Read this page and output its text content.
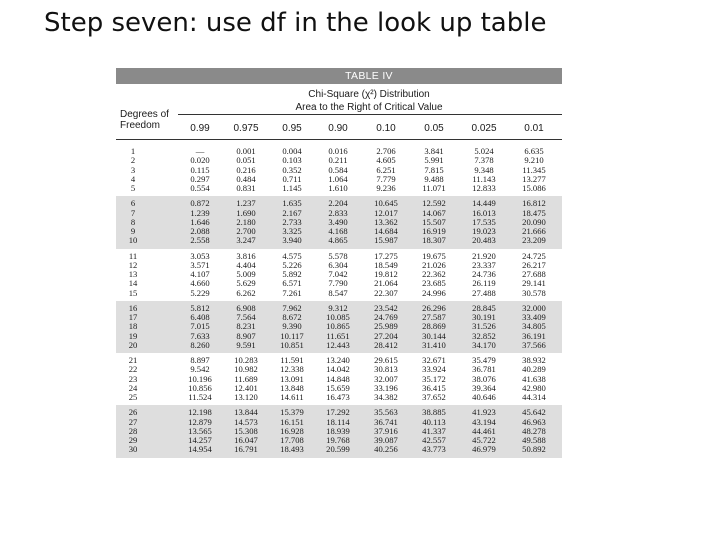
Step seven: use df in the look up table
TABLE IV
Chi-Square (χ²) Distribution
Area to the Right of Critical Value
Degrees of
Freedom	0.99	0.975	0.95	0.90	0.10	0.05	0.025	0.01
1	—	0.001	0.004	0.016	2.706	3.841	5.024	6.635
2	0.020	0.051	0.103	0.211	4.605	5.991	7.378	9.210
3	0.115	0.216	0.352	0.584	6.251	7.815	9.348	11.345
4	0.297	0.484	0.711	1.064	7.779	9.488	11.143	13.277
5	0.554	0.831	1.145	1.610	9.236	11.071	12.833	15.086
6	0.872	1.237	1.635	2.204	10.645	12.592	14.449	16.812
7	1.239	1.690	2.167	2.833	12.017	14.067	16.013	18.475
8	1.646	2.180	2.733	3.490	13.362	15.507	17.535	20.090
9	2.088	2.700	3.325	4.168	14.684	16.919	19.023	21.666
10	2.558	3.247	3.940	4.865	15.987	18.307	20.483	23.209
11	3.053	3.816	4.575	5.578	17.275	19.675	21.920	24.725
12	3.571	4.404	5.226	6.304	18.549	21.026	23.337	26.217
13	4.107	5.009	5.892	7.042	19.812	22.362	24.736	27.688
14	4.660	5.629	6.571	7.790	21.064	23.685	26.119	29.141
15	5.229	6.262	7.261	8.547	22.307	24.996	27.488	30.578
16	5.812	6.908	7.962	9.312	23.542	26.296	28.845	32.000
17	6.408	7.564	8.672	10.085	24.769	27.587	30.191	33.409
18	7.015	8.231	9.390	10.865	25.989	28.869	31.526	34.805
19	7.633	8.907	10.117	11.651	27.204	30.144	32.852	36.191
20	8.260	9.591	10.851	12.443	28.412	31.410	34.170	37.566
21	8.897	10.283	11.591	13.240	29.615	32.671	35.479	38.932
22	9.542	10.982	12.338	14.042	30.813	33.924	36.781	40.289
23	10.196	11.689	13.091	14.848	32.007	35.172	38.076	41.638
24	10.856	12.401	13.848	15.659	33.196	36.415	39.364	42.980
25	11.524	13.120	14.611	16.473	34.382	37.652	40.646	44.314
26	12.198	13.844	15.379	17.292	35.563	38.885	41.923	45.642
27	12.879	14.573	16.151	18.114	36.741	40.113	43.194	46.963
28	13.565	15.308	16.928	18.939	37.916	41.337	44.461	48.278
29	14.257	16.047	17.708	19.768	39.087	42.557	45.722	49.588
30	14.954	16.791	18.493	20.599	40.256	43.773	46.979	50.892
